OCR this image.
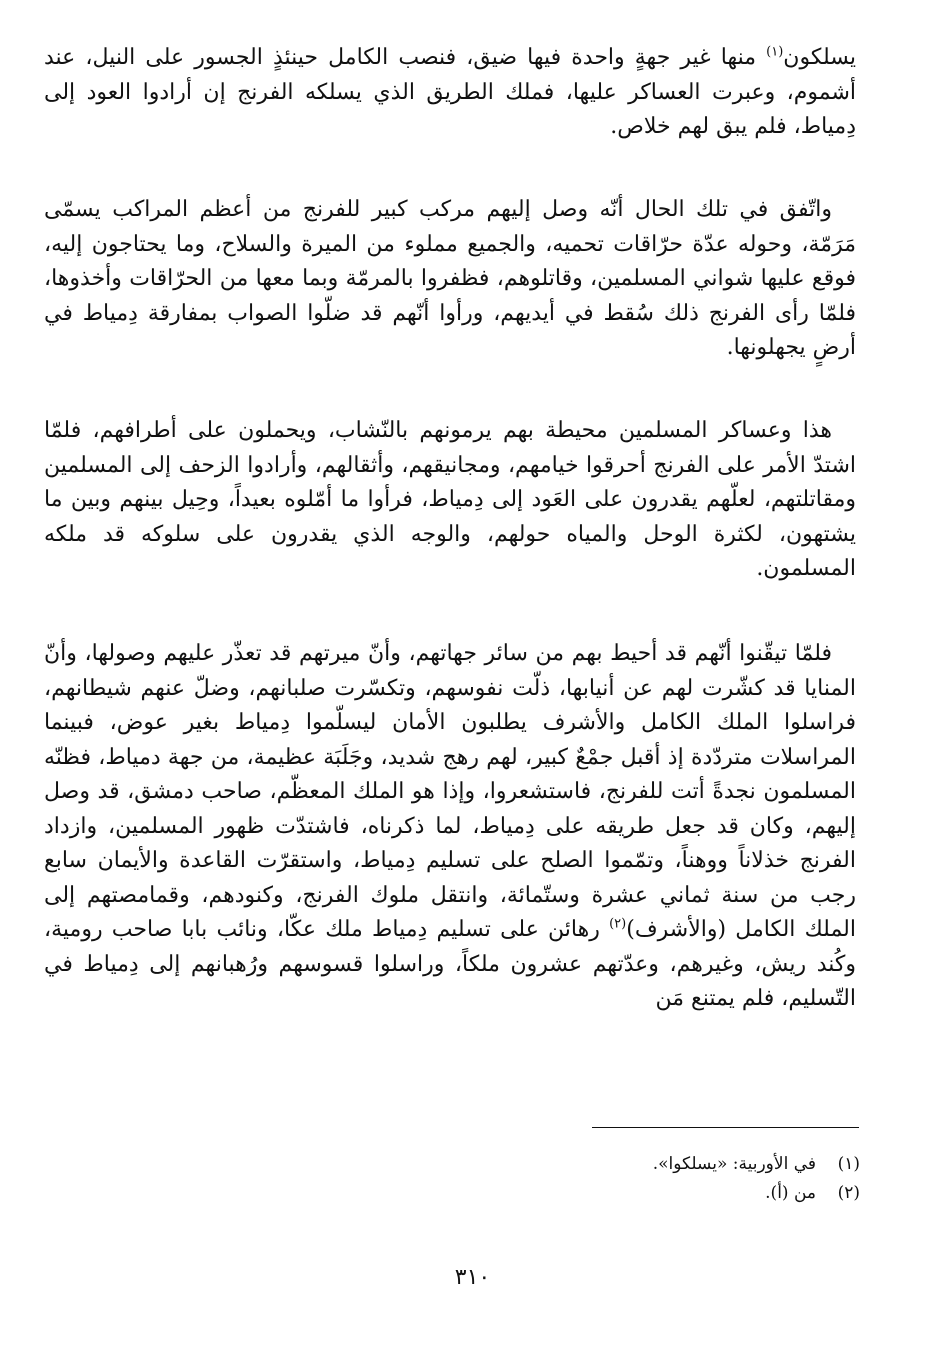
يسلكون$^{(١)}$ منها غير جهةٍ واحدة فيها ضيق، فنصب الكامل حينئذٍ الجسور على النيل، عند أشموم، وعبرت العساكر عليها، فملك الطريق الذي يسلكه الفرنج إن أرادوا العود إلى دِمياط، فلم يبق لهم خلاص.

واتّفق في تلك الحال أنّه وصل إليهم مركب كبير للفرنج من أعظم المراكب يسمّى مَرَمّة، وحوله عدّة حرّاقات تحميه، والجميع مملوء من الميرة والسلاح، وما يحتاجون إليه، فوقع عليها شواني المسلمين، وقاتلوهم، فظفروا بالمرمّة وبما معها من الحرّاقات وأخذوها، فلمّا رأى الفرنج ذلك سُقط في أيديهم، ورأوا أنّهم قد ضلّوا الصواب بمفارقة دِمياط في أرضٍ يجهلونها.

هذا وعساكر المسلمين محيطة بهم يرمونهم بالنّشاب، ويحملون على أطرافهم، فلمّا اشتدّ الأمر على الفرنج أحرقوا خيامهم، ومجانيقهم، وأثقالهم، وأرادوا الزحف إلى المسلمين ومقاتلتهم، لعلّهم يقدرون على العَود إلى دِمياط، فرأوا ما أمّلوه بعيداً، وحِيل بينهم وبين ما يشتهون، لكثرة الوحل والمياه حولهم، والوجه الذي يقدرون على سلوكه قد ملكه المسلمون.

فلمّا تيقّنوا أنّهم قد أحيط بهم من سائر جهاتهم، وأنّ ميرتهم قد تعذّر عليهم وصولها، وأنّ المنايا قد كشّرت لهم عن أنيابها، ذلّت نفوسهم، وتكسّرت صلبانهم، وضلّ عنهم شيطانهم، فراسلوا الملك الكامل والأشرف يطلبون الأمان ليسلّموا دِمياط بغير عوض، فبينما المراسلات متردّدة إذ أقبل جمْعٌ كبير، لهم رهج شديد، وجَلَبَة عظيمة، من جهة دمياط، فظنّه المسلمون نجدةً أتت للفرنج، فاستشعروا، وإذا هو الملك المعظّم، صاحب دمشق، قد وصل إليهم، وكان قد جعل طريقه على دِمياط، لما ذكرناه، فاشتدّت ظهور المسلمين، وازداد الفرنج خذلاناً ووهناً، وتمّموا الصلح على تسليم دِمياط، واستقرّت القاعدة والأيمان سابع رجب من سنة ثماني عشرة وستّمائة، وانتقل ملوك الفرنج، وكنودهم، وقمامصتهم إلى الملك الكامل (والأشرف)$^{(٢)}$ رهائن على تسليم دِمياط ملك عكّا، ونائب بابا صاحب رومية، وكُند ريش، وغيرهم، وعدّتهم عشرون ملكاً، وراسلوا قسوسهم ورُهبانهم إلى دِمياط في التّسليم، فلم يمتنع مَن

(١)
في الأوربية: «يسلكوا».
(٢)
من (أ).
٣١٠
